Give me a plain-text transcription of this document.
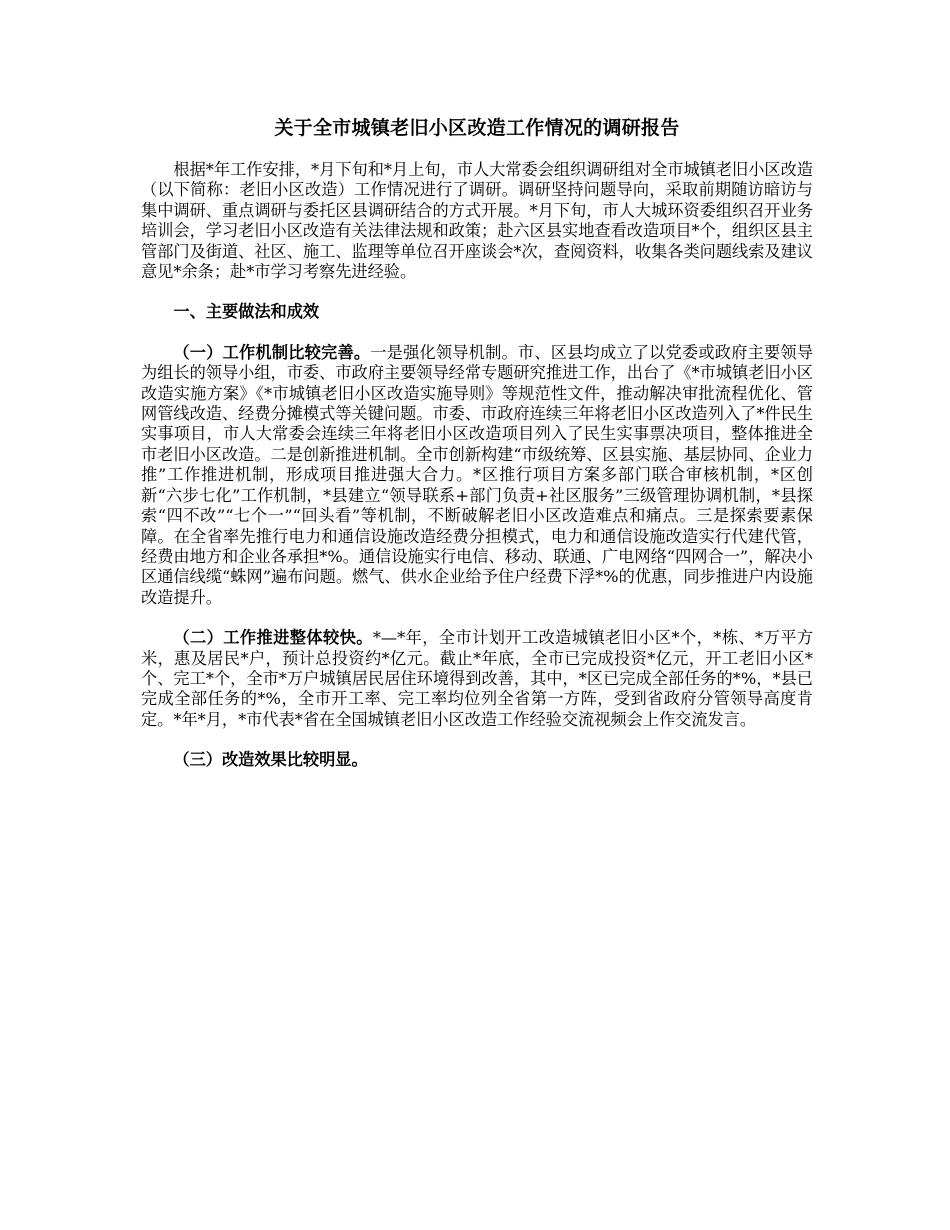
关于全市城镇老旧小区改造工作情况的调研报告

根据*年工作安排，*月下旬和*月上旬，市人大常委会组织调研组对全市城镇老旧小区改造（以下简称：老旧小区改造）工作情况进行了调研。调研坚持问题导向，采取前期随访暗访与集中调研、重点调研与委托区县调研结合的方式开展。*月下旬，市人大城环资委组织召开业务培训会，学习老旧小区改造有关法律法规和政策；赴六区县实地查看改造项目*个，组织区县主管部门及街道、社区、施工、监理等单位召开座谈会*次，查阅资料，收集各类问题线索及建议意见*余条；赴*市学习考察先进经验。

一、主要做法和成效

（一）工作机制比较完善。一是强化领导机制。市、区县均成立了以党委或政府主要领导为组长的领导小组，市委、市政府主要领导经常专题研究推进工作，出台了《*市城镇老旧小区改造实施方案》《*市城镇老旧小区改造实施导则》等规范性文件，推动解决审批流程优化、管网管线改造、经费分摊模式等关键问题。市委、市政府连续三年将老旧小区改造列入了*件民生实事项目，市人大常委会连续三年将老旧小区改造项目列入了民生实事票决项目，整体推进全市老旧小区改造。二是创新推进机制。全市创新构建“市级统筹、区县实施、基层协同、企业力推”工作推进机制，形成项目推进强大合力。*区推行项目方案多部门联合审核机制，*区创新“六步七化”工作机制，*县建立“领导联系+部门负责+社区服务”三级管理协调机制，*县探索“四不改”“七个一”“回头看”等机制，不断破解老旧小区改造难点和痛点。三是探索要素保障。在全省率先推行电力和通信设施改造经费分担模式，电力和通信设施改造实行代建代管，经费由地方和企业各承担*%。通信设施实行电信、移动、联通、广电网络“四网合一”，解决小区通信线缆“蛛网”遍布问题。燃气、供水企业给予住户经费下浮*%的优惠，同步推进户内设施改造提升。

（二）工作推进整体较快。*—*年，全市计划开工改造城镇老旧小区*个，*栋、*万平方米，惠及居民*户，预计总投资约*亿元。截止*年底，全市已完成投资*亿元，开工老旧小区*个、完工*个，全市*万户城镇居民居住环境得到改善，其中，*区已完成全部任务的*%，*县已完成全部任务的*%，全市开工率、完工率均位列全省第一方阵，受到省政府分管领导高度肯定。*年*月，*市代表*省在全国城镇老旧小区改造工作经验交流视频会上作交流发言。

（三）改造效果比较明显。
